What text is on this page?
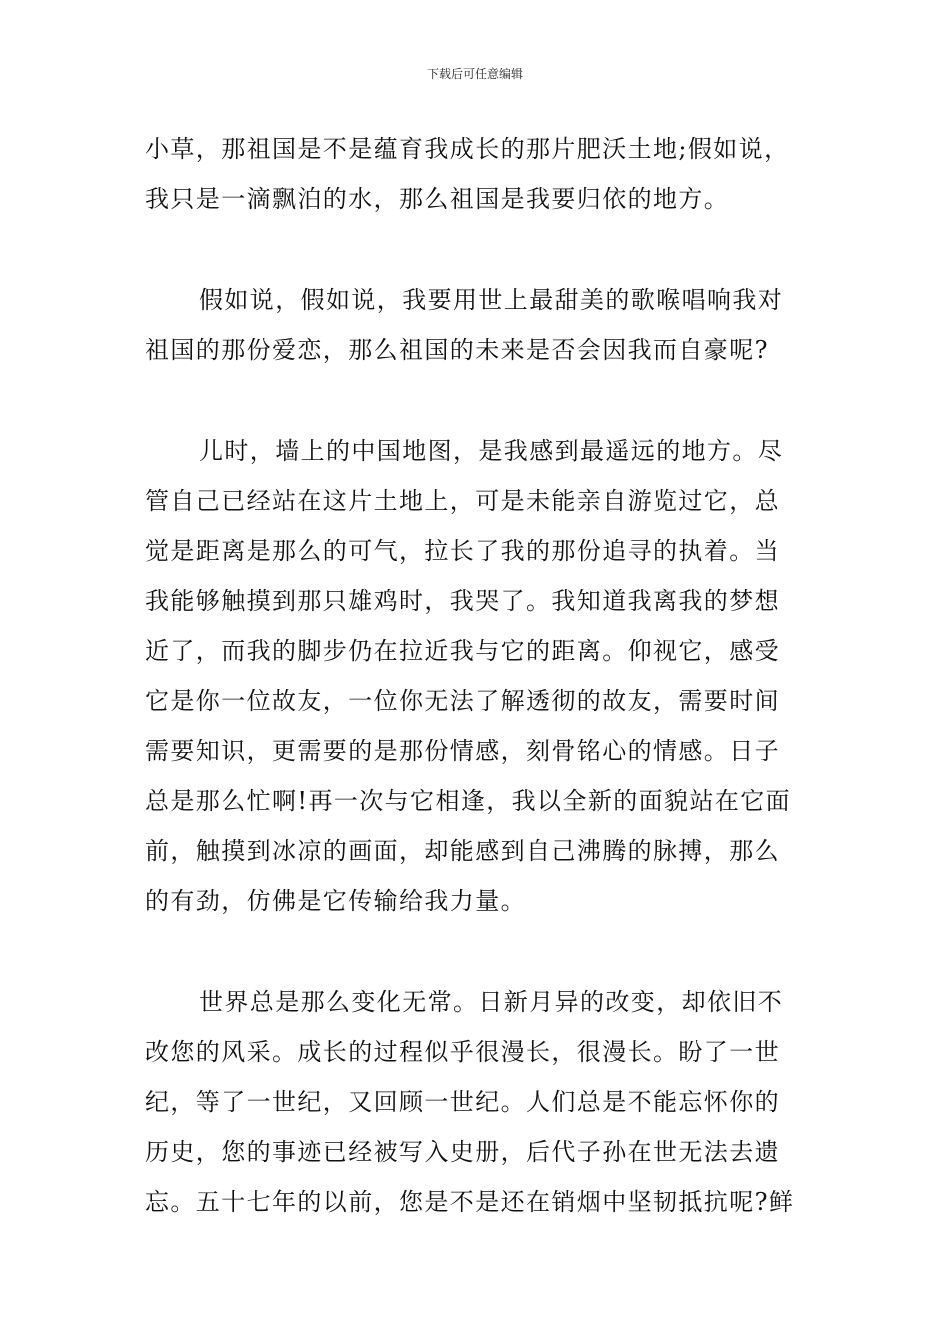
下载后可任意编辑
小草，那祖国是不是蕴育我成长的那片肥沃土地;假如说，
我只是一滴飘泊的水，那么祖国是我要归依的地方。
假如说，假如说，我要用世上最甜美的歌喉唱响我对
祖国的那份爱恋，那么祖国的未来是否会因我而自豪呢?
儿时，墙上的中国地图，是我感到最遥远的地方。尽
管自己已经站在这片土地上，可是未能亲自游览过它，总
觉是距离是那么的可气，拉长了我的那份追寻的执着。当
我能够触摸到那只雄鸡时，我哭了。我知道我离我的梦想
近了，而我的脚步仍在拉近我与它的距离。仰视它，感受
它是你一位故友，一位你无法了解透彻的故友，需要时间
需要知识，更需要的是那份情感，刻骨铭心的情感。日子
总是那么忙啊!再一次与它相逢，我以全新的面貌站在它面
前，触摸到冰凉的画面，却能感到自己沸腾的脉搏，那么
的有劲，仿佛是它传输给我力量。
世界总是那么变化无常。日新月异的改变，却依旧不
改您的风采。成长的过程似乎很漫长，很漫长。盼了一世
纪，等了一世纪，又回顾一世纪。人们总是不能忘怀你的
历史，您的事迹已经被写入史册，后代子孙在世无法去遗
忘。五十七年的以前，您是不是还在销烟中坚韧抵抗呢?鲜
